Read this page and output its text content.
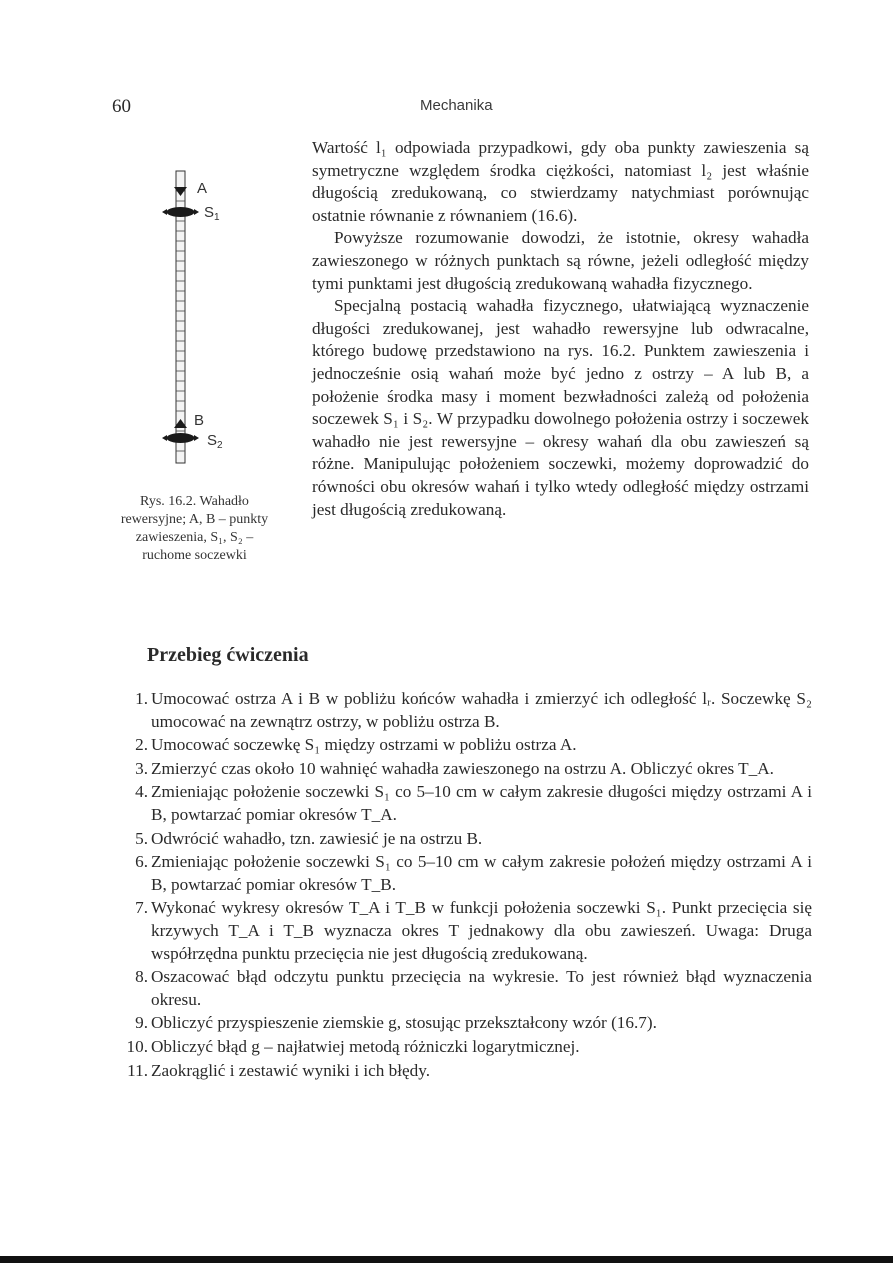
60	Mechanika
A
$S_1$
B
$S_2$
Rys. 16.2. Wahadło rewersyjne; A, B – punkty zawieszenia, S₁, S₂ – ruchome soczewki

Wartość l₁ odpowiada przypadkowi, gdy oba punkty zawieszenia są symetryczne względem środka ciężkości, natomiast l₂ jest właśnie długością zredukowaną, co stwierdzamy natychmiast porównując ostatnie równanie z równaniem (16.6).

Powyższe rozumowanie dowodzi, że istotnie, okresy wahadła zawieszonego w różnych punktach są równe, jeżeli odległość między tymi punktami jest długością zredukowaną wahadła fizycznego.

Specjalną postacią wahadła fizycznego, ułatwiającą wyznaczenie długości zredukowanej, jest wahadło rewersyjne lub odwracalne, którego budowę przedstawiono na rys. 16.2. Punktem zawieszenia i jednocześnie osią wahań może być jedno z ostrzy – A lub B, a położenie środka masy i moment bezwładności zależą od położenia soczewek S₁ i S₂. W przypadku dowolnego położenia ostrzy i soczewek wahadło nie jest rewersyjne – okresy wahań dla obu zawieszeń są różne. Manipulując położeniem soczewki, możemy doprowadzić do równości obu okresów wahań i tylko wtedy odległość między ostrzami jest długością zredukowaną.

Przebieg ćwiczenia
1. Umocować ostrza A i B w pobliżu końców wahadła i zmierzyć ich odległość lᵣ. Soczewkę S₂ umocować na zewnątrz ostrzy, w pobliżu ostrza B.
2. Umocować soczewkę S₁ między ostrzami w pobliżu ostrza A.
3. Zmierzyć czas około 10 wahnięć wahadła zawieszonego na ostrzu A. Obliczyć okres T_A.
4. Zmieniając położenie soczewki S₁ co 5–10 cm w całym zakresie długości między ostrzami A i B, powtarzać pomiar okresów T_A.
5. Odwrócić wahadło, tzn. zawiesić je na ostrzu B.
6. Zmieniając położenie soczewki S₁ co 5–10 cm w całym zakresie położeń między ostrzami A i B, powtarzać pomiar okresów T_B.
7. Wykonać wykresy okresów T_A i T_B w funkcji położenia soczewki S₁. Punkt przecięcia się krzywych T_A i T_B wyznacza okres T jednakowy dla obu zawieszeń. Uwaga: Druga współrzędna punktu przecięcia nie jest długością zredukowaną.
8. Oszacować błąd odczytu punktu przecięcia na wykresie. To jest również błąd wyznaczenia okresu.
9. Obliczyć przyspieszenie ziemskie g, stosując przekształcony wzór (16.7).
10. Obliczyć błąd g – najłatwiej metodą różniczki logarytmicznej.
11. Zaokrąglić i zestawić wyniki i ich błędy.
